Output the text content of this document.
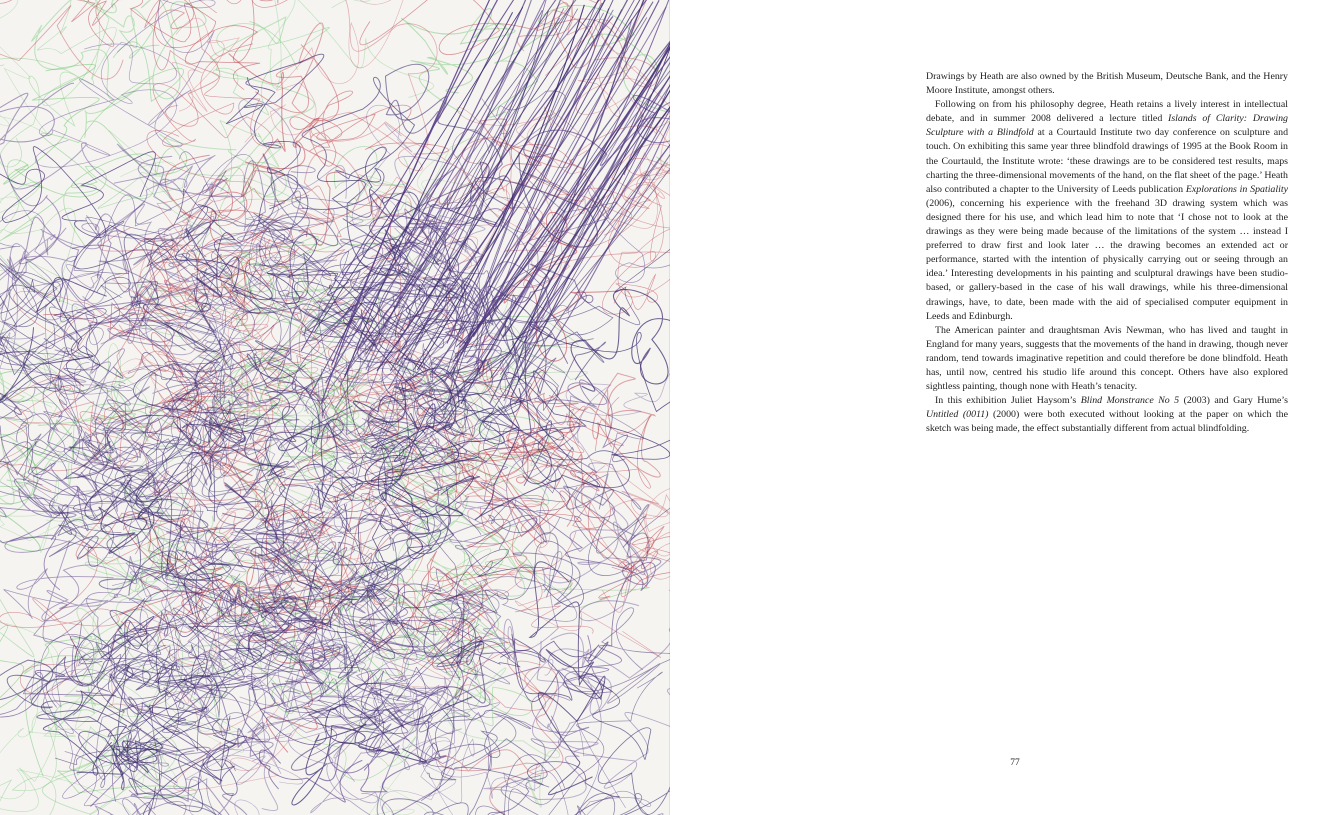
Drawings by Heath are also owned by the British Museum, Deutsche Bank, and the Henry Moore Institute, amongst others.

Following on from his philosophy degree, Heath retains a lively interest in intellectual debate, and in summer 2008 delivered a lecture titled Islands of Clarity: Drawing Sculpture with a Blindfold at a Courtauld Institute two day conference on sculpture and touch. On exhibiting this same year three blindfold drawings of 1995 at the Book Room in the Courtauld, the Institute wrote: ‘these drawings are to be considered test results, maps charting the three-dimensional movements of the hand, on the flat sheet of the page.’ Heath also contributed a chapter to the University of Leeds publication Explorations in Spatiality (2006), concerning his experience with the freehand 3D drawing system which was designed there for his use, and which lead him to note that ‘I chose not to look at the drawings as they were being made because of the limitations of the system … instead I preferred to draw first and look later … the drawing becomes an extended act or performance, started with the intention of physically carrying out or seeing through an idea.’ Interesting developments in his painting and sculptural drawings have been studio-based, or gallery-based in the case of his wall drawings, while his three-dimensional drawings, have, to date, been made with the aid of specialised computer equipment in Leeds and Edinburgh.

The American painter and draughtsman Avis Newman, who has lived and taught in England for many years, suggests that the movements of the hand in drawing, though never random, tend towards imaginative repetition and could therefore be done blindfold. Heath has, until now, centred his studio life around this concept. Others have also explored sightless painting, though none with Heath’s tenacity.

In this exhibition Juliet Haysom’s Blind Monstrance No 5 (2003) and Gary Hume’s Untitled (0011) (2000) were both executed without looking at the paper on which the sketch was being made, the effect substantially different from actual blindfolding.

77
